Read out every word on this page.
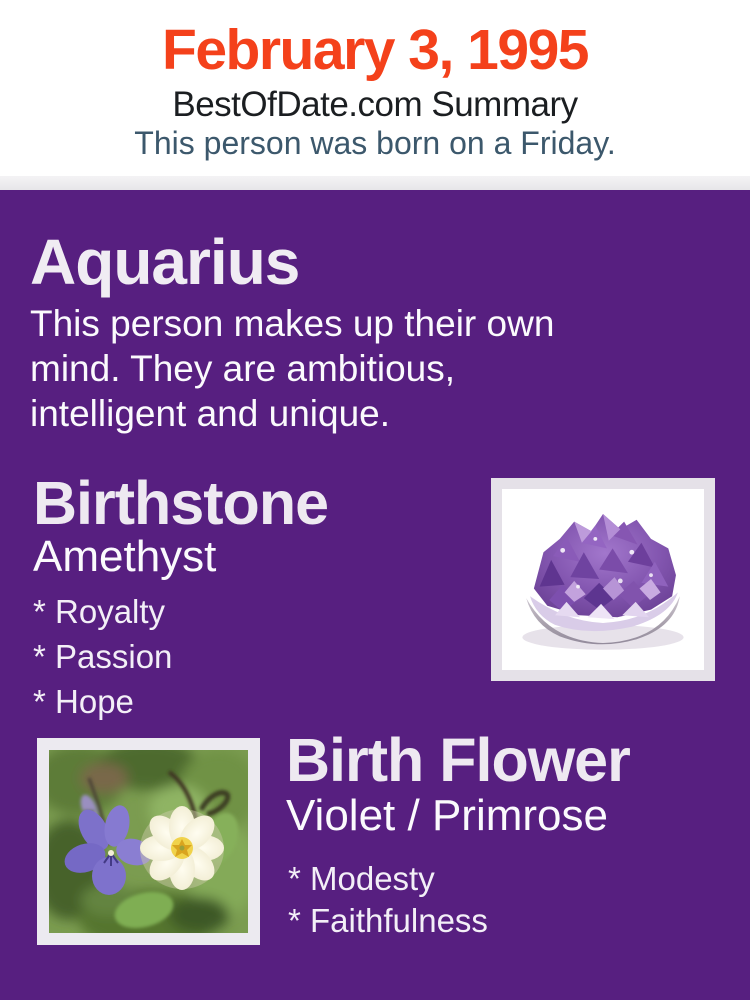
February 3, 1995
BestOfDate.com Summary
This person was born on a Friday.
Aquarius
This person makes up their own
mind. They are ambitious,
intelligent and unique.
Birthstone
Amethyst
* Royalty
* Passion
* Hope
Birth Flower
Violet / Primrose
* Modesty
* Faithfulness
